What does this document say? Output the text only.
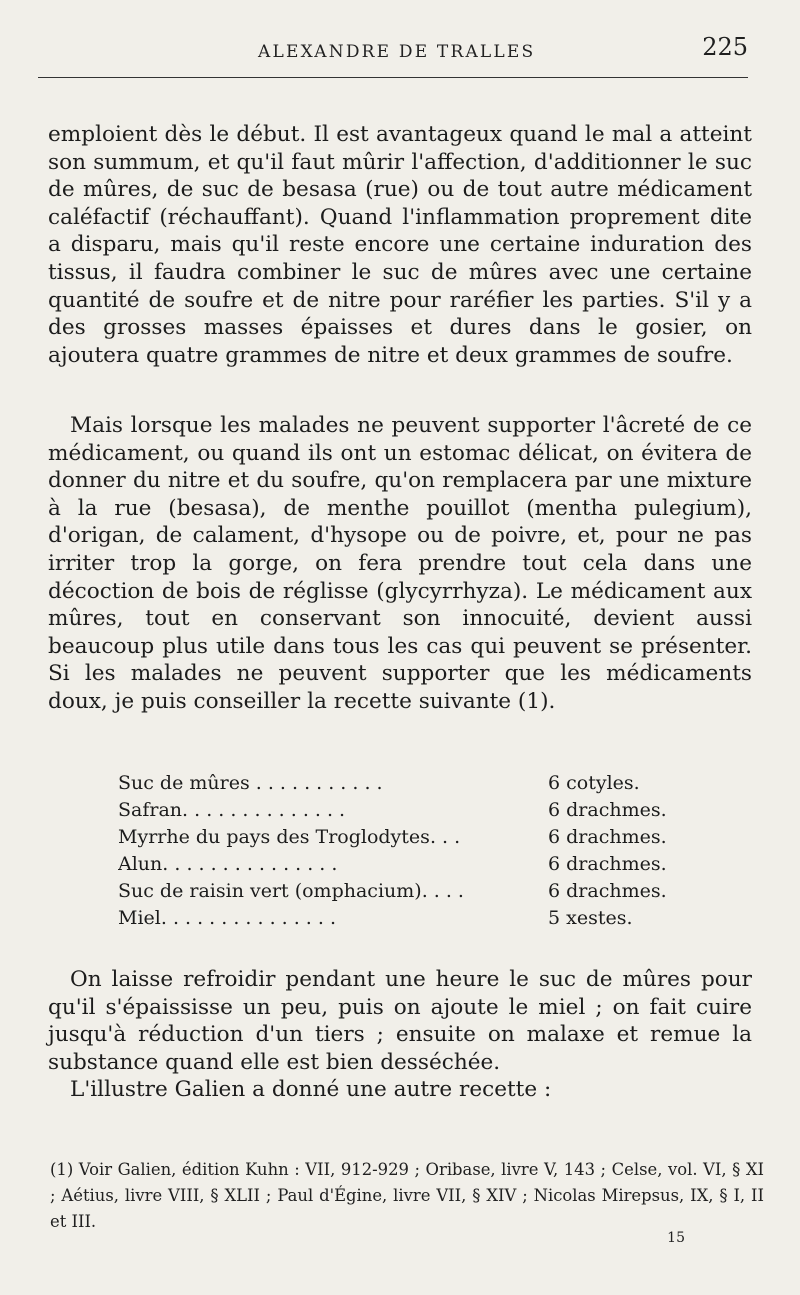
ALEXANDRE DE TRALLES	225

emploient dès le début. Il est avantageux quand le mal a atteint son summum, et qu'il faut mûrir l'affection, d'additionner le suc de mûres, de suc de besasa (rue) ou de tout autre médicament caléfactif (réchauffant). Quand l'inflammation proprement dite a disparu, mais qu'il reste encore une certaine induration des tissus, il faudra combiner le suc de mûres avec une certaine quantité de soufre et de nitre pour raréfier les parties. S'il y a des grosses masses épaisses et dures dans le gosier, on ajoutera quatre grammes de nitre et deux grammes de soufre.

Mais lorsque les malades ne peuvent supporter l'âcreté de ce médicament, ou quand ils ont un estomac délicat, on évitera de donner du nitre et du soufre, qu'on remplacera par une mixture à la rue (besasa), de menthe pouillot (mentha pulegium), d'origan, de calament, d'hysope ou de poivre, et, pour ne pas irriter trop la gorge, on fera prendre tout cela dans une décoction de bois de réglisse (glycyrrhyza). Le médicament aux mûres, tout en conservant son innocuité, devient aussi beaucoup plus utile dans tous les cas qui peuvent se présenter. Si les malades ne peuvent supporter que les médicaments doux, je puis conseiller la recette suivante (1).

Suc de mûres . . . . . . . . . . .	6 cotyles.
Safran. . . . . . . . . . . . . .	6 drachmes.
Myrrhe du pays des Troglodytes. . .	6 drachmes.
Alun. . . . . . . . . . . . . . .	6 drachmes.
Suc de raisin vert (omphacium). . . .	6 drachmes.
Miel. . . . . . . . . . . . . . .	5 xestes.

On laisse refroidir pendant une heure le suc de mûres pour qu'il s'épaississe un peu, puis on ajoute le miel ; on fait cuire jusqu'à réduction d'un tiers ; ensuite on malaxe et remue la substance quand elle est bien desséchée.

L'illustre Galien a donné une autre recette :

(1) Voir Galien, édition Kuhn : VII, 912-929 ; Oribase, livre V, 143 ; Celse, vol. VI, § XI ; Aétius, livre VIII, § XLII ; Paul d'Égine, livre VII, § XIV ; Nicolas Mirepsus, IX, § I, II et III.

15
